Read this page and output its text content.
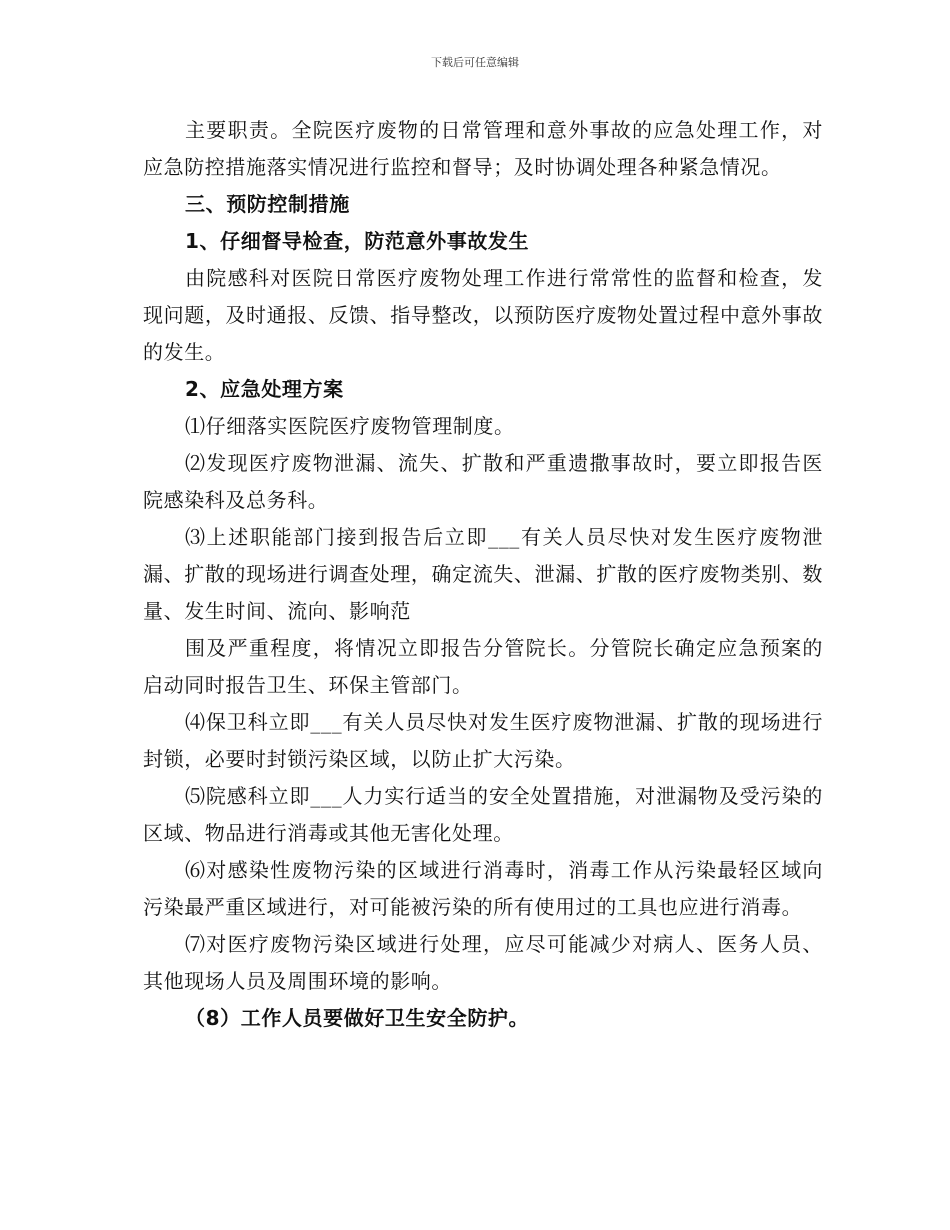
下载后可任意编辑

主要职责。全院医疗废物的日常管理和意外事故的应急处理工作，对应急防控措施落实情况进行监控和督导；及时协调处理各种紧急情况。

三、预防控制措施

1、仔细督导检查，防范意外事故发生

由院感科对医院日常医疗废物处理工作进行常常性的监督和检查，发现问题，及时通报、反馈、指导整改，以预防医疗废物处置过程中意外事故的发生。

2、应急处理方案

⑴仔细落实医院医疗废物管理制度。

⑵发现医疗废物泄漏、流失、扩散和严重遗撒事故时，要立即报告医院感染科及总务科。

⑶上述职能部门接到报告后立即___有关人员尽快对发生医疗废物泄漏、扩散的现场进行调查处理，确定流失、泄漏、扩散的医疗废物类别、数量、发生时间、流向、影响范

围及严重程度，将情况立即报告分管院长。分管院长确定应急预案的启动同时报告卫生、环保主管部门。

⑷保卫科立即___有关人员尽快对发生医疗废物泄漏、扩散的现场进行封锁，必要时封锁污染区域，以防止扩大污染。

⑸院感科立即___人力实行适当的安全处置措施，对泄漏物及受污染的区域、物品进行消毒或其他无害化处理。

⑹对感染性废物污染的区域进行消毒时，消毒工作从污染最轻区域向污染最严重区域进行，对可能被污染的所有使用过的工具也应进行消毒。

⑺对医疗废物污染区域进行处理，应尽可能减少对病人、医务人员、其他现场人员及周围环境的影响。

（8）工作人员要做好卫生安全防护。
